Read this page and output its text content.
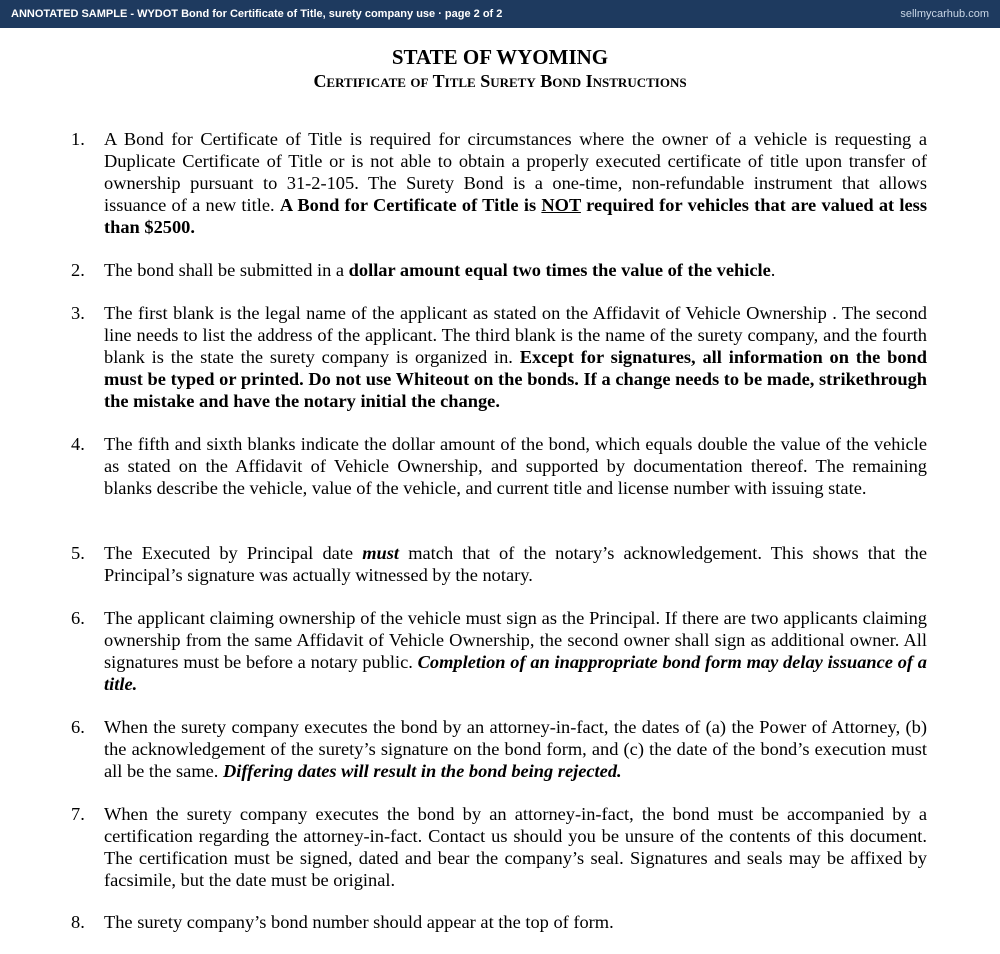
ANNOTATED SAMPLE - WYDOT Bond for Certificate of Title, surety company use · page 2 of 2	sellmycarhub.com
STATE OF WYOMING
Certificate of Title Surety Bond Instructions
1. A Bond for Certificate of Title is required for circumstances where the owner of a vehicle is requesting a Duplicate Certificate of Title or is not able to obtain a properly executed certificate of title upon transfer of ownership pursuant to 31-2-105. The Surety Bond is a one-time, non-refundable instrument that allows issuance of a new title. A Bond for Certificate of Title is NOT required for vehicles that are valued at less than $2500.
2. The bond shall be submitted in a dollar amount equal two times the value of the vehicle.
3. The first blank is the legal name of the applicant as stated on the Affidavit of Vehicle Ownership . The second line needs to list the address of the applicant. The third blank is the name of the surety company, and the fourth blank is the state the surety company is organized in. Except for signatures, all information on the bond must be typed or printed. Do not use Whiteout on the bonds. If a change needs to be made, strikethrough the mistake and have the notary initial the change.
4. The fifth and sixth blanks indicate the dollar amount of the bond, which equals double the value of the vehicle as stated on the Affidavit of Vehicle Ownership, and supported by documentation thereof. The remaining blanks describe the vehicle, value of the vehicle, and current title and license number with issuing state.
5. The Executed by Principal date must match that of the notary’s acknowledgement. This shows that the Principal’s signature was actually witnessed by the notary.
6. The applicant claiming ownership of the vehicle must sign as the Principal. If there are two applicants claiming ownership from the same Affidavit of Vehicle Ownership, the second owner shall sign as additional owner. All signatures must be before a notary public. Completion of an inappropriate bond form may delay issuance of a title.
6. When the surety company executes the bond by an attorney-in-fact, the dates of (a) the Power of Attorney, (b) the acknowledgement of the surety’s signature on the bond form, and (c) the date of the bond’s execution must all be the same. Differing dates will result in the bond being rejected.
7. When the surety company executes the bond by an attorney-in-fact, the bond must be accompanied by a certification regarding the attorney-in-fact. Contact us should you be unsure of the contents of this document. The certification must be signed, dated and bear the company’s seal. Signatures and seals may be affixed by facsimile, but the date must be original.
8. The surety company’s bond number should appear at the top of form.
